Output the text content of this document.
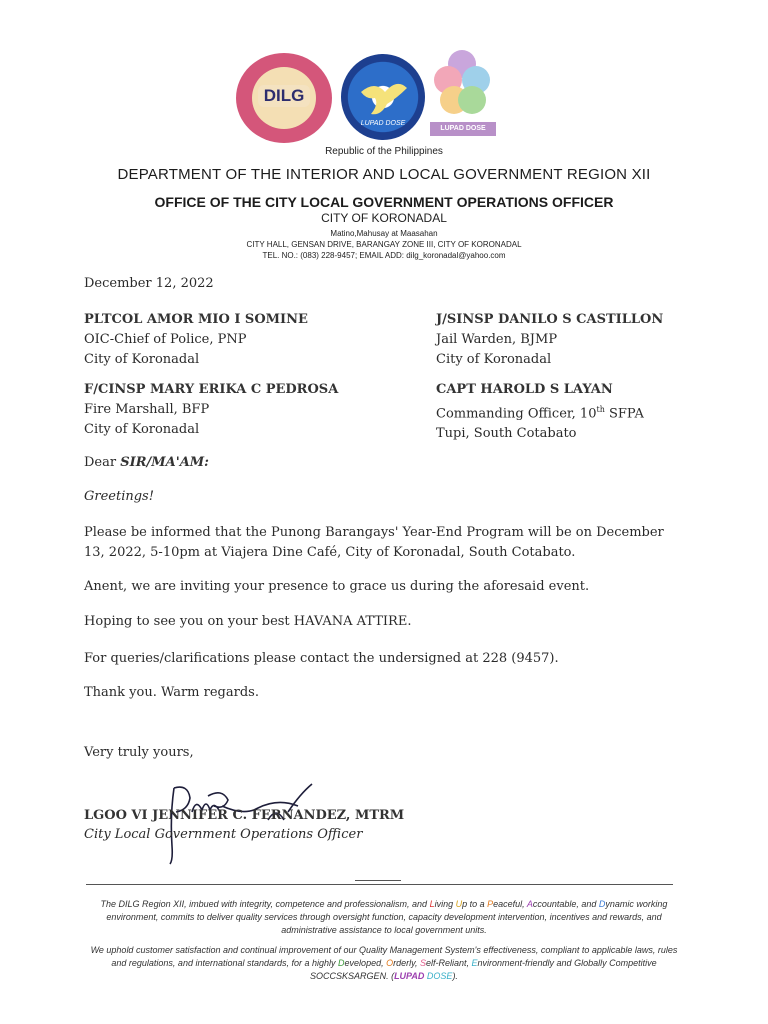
DILG
LUPAD DOSE
LUPAD DOSE
Republic of the Philippines
DEPARTMENT OF THE INTERIOR AND LOCAL GOVERNMENT REGION XII
OFFICE OF THE CITY LOCAL GOVERNMENT OPERATIONS OFFICER
CITY OF KORONADAL
Matino,Mahusay at Maasahan
CITY HALL, GENSAN DRIVE, BARANGAY ZONE III, CITY OF KORONADAL
TEL. NO.: (083) 228-9457; EMAIL ADD: dilg_koronadal@yahoo.com
December 12, 2022
PLTCOL AMOR MIO I SOMINE
OIC-Chief of Police, PNP
City of Koronadal
J/SINSP DANILO S CASTILLON
Jail Warden, BJMP
City of Koronadal
F/CINSP MARY ERIKA C PEDROSA
Fire Marshall, BFP
City of Koronadal
CAPT HAROLD S LAYAN
Commanding Officer, 10th SFPA
Tupi, South Cotabato
Dear SIR/MA'AM:
Greetings!
Please be informed that the Punong Barangays' Year-End Program will be on December 13, 2022, 5-10pm at Viajera Dine Café, City of Koronadal, South Cotabato.
Anent, we are inviting your presence to grace us during the aforesaid event.
Hoping to see you on your best HAVANA ATTIRE.
For queries/clarifications please contact the undersigned at 228 (9457).
Thank you. Warm regards.
Very truly yours,
LGOO VI JENNIFER C. FERNANDEZ, MTRM
City Local Government Operations Officer
The DILG Region XII, imbued with integrity, competence and professionalism, and Living Up to a Peaceful, Accountable, and Dynamic working environment, commits to deliver quality services through oversight function, capacity development intervention, incentives and rewards, and administrative assistance to local government units.
We uphold customer satisfaction and continual improvement of our Quality Management System's effectiveness, compliant to applicable laws, rules and regulations, and international standards, for a highly Developed, Orderly, Self-Reliant, Environment-friendly and Globally Competitive SOCCSKSARGEN. (LUPAD DOSE).
